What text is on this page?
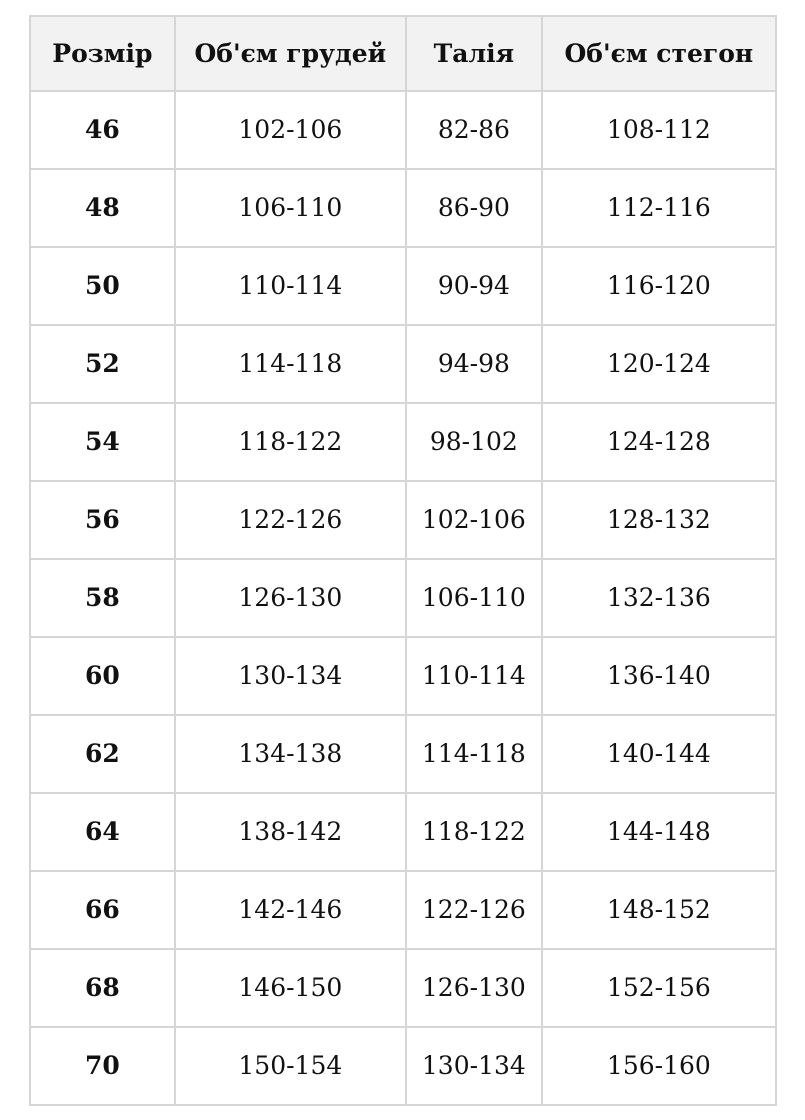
Розмір	Об'єм грудей	Талія	Об'єм стегон
46	102-106	82-86	108-112
48	106-110	86-90	112-116
50	110-114	90-94	116-120
52	114-118	94-98	120-124
54	118-122	98-102	124-128
56	122-126	102-106	128-132
58	126-130	106-110	132-136
60	130-134	110-114	136-140
62	134-138	114-118	140-144
64	138-142	118-122	144-148
66	142-146	122-126	148-152
68	146-150	126-130	152-156
70	150-154	130-134	156-160
